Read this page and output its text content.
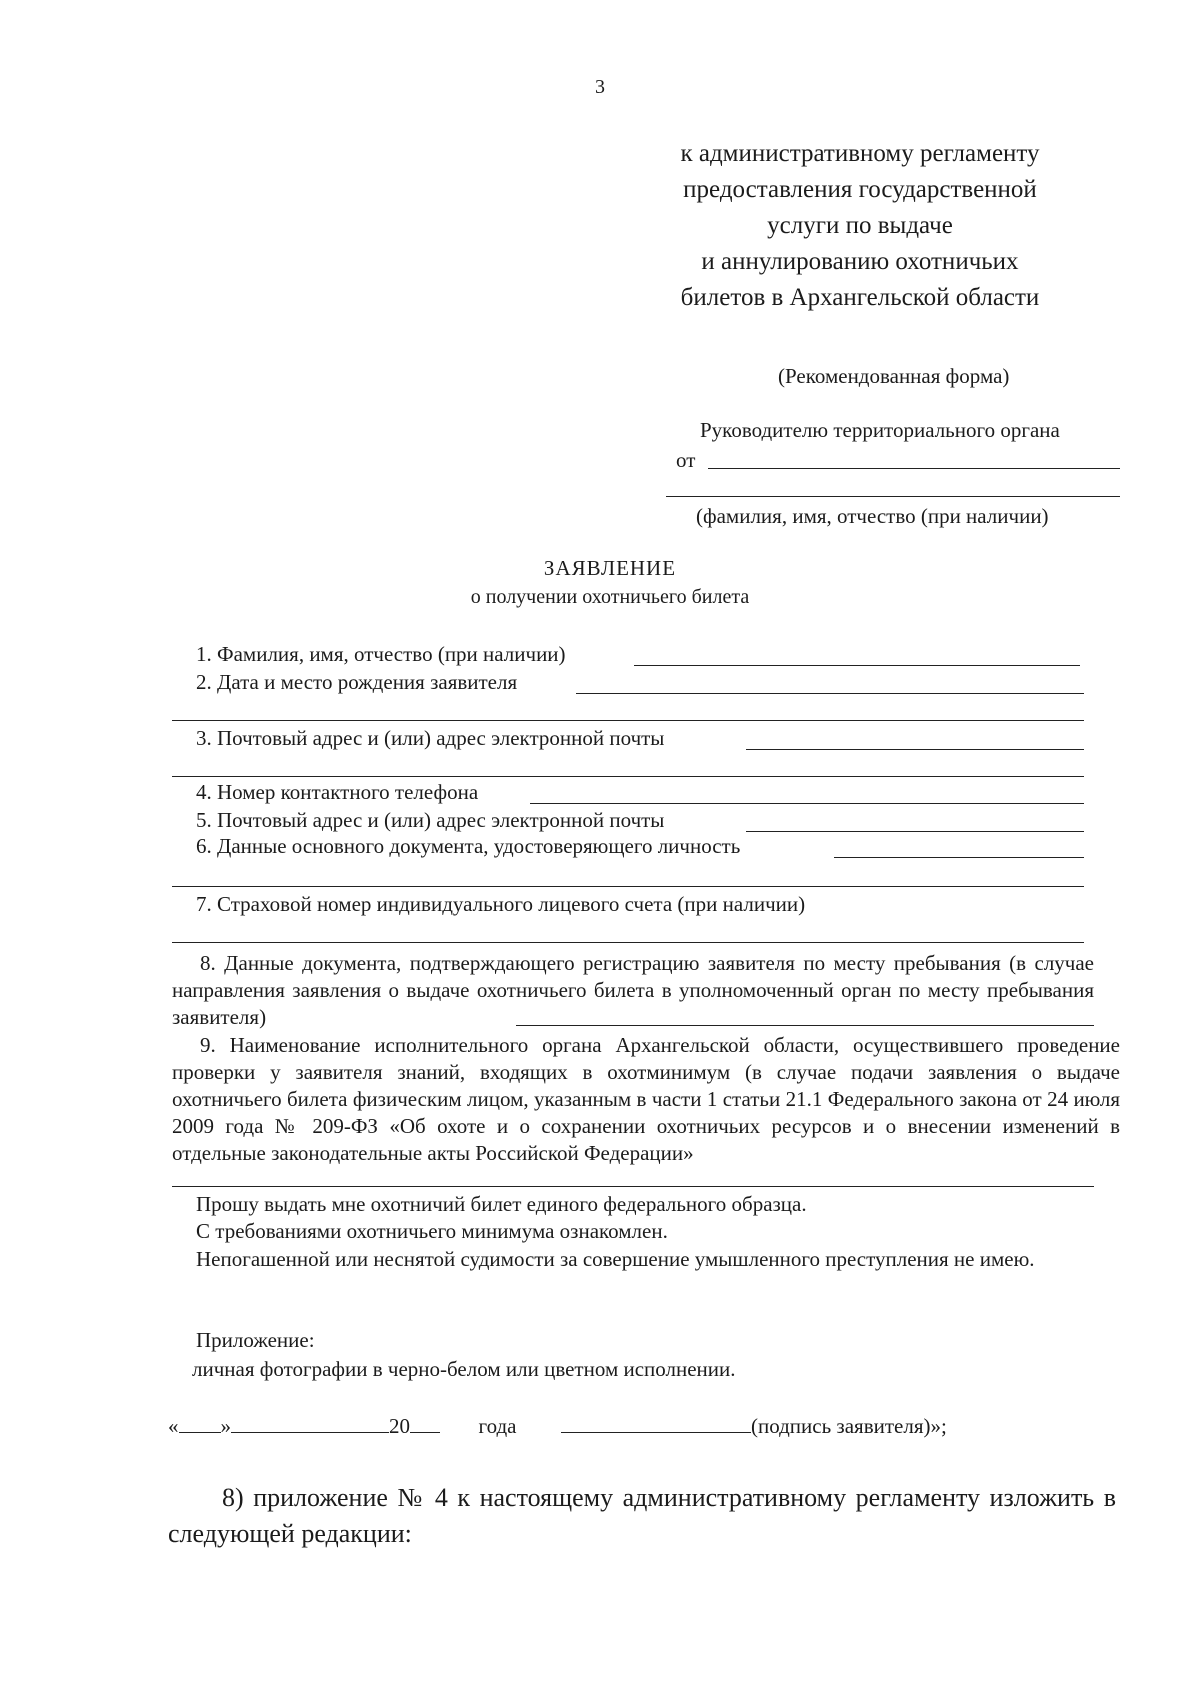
3
к административному регламенту
предоставления государственной
услуги по выдаче
и аннулированию охотничьих
билетов в Архангельской области
(Рекомендованная форма)
Руководителю территориального органа
от
(фамилия, имя, отчество (при наличии)
ЗАЯВЛЕНИЕ
о получении охотничьего билета
1. Фамилия, имя, отчество (при наличии)
2. Дата и место рождения заявителя
3. Почтовый адрес и (или) адрес электронной почты
4. Номер контактного телефона
5. Почтовый адрес и (или) адрес электронной почты
6. Данные основного документа, удостоверяющего личность
7. Страховой номер индивидуального лицевого счета (при наличии)
8. Данные документа, подтверждающего регистрацию заявителя по месту пребывания (в случае направления заявления о выдаче охотничьего билета в уполномоченный орган по месту пребывания заявителя)
9. Наименование исполнительного органа Архангельской области, осуществившего проведение проверки у заявителя знаний, входящих в охотминимум (в случае подачи заявления о выдаче охотничьего билета физическим лицом, указанным в части 1 статьи 21.1 Федерального закона от 24 июля 2009 года № 209-ФЗ «Об охоте и о сохранении охотничьих ресурсов и о внесении изменений в отдельные законодательные акты Российской Федерации»
Прошу выдать мне охотничий билет единого федерального образца.
С требованиями охотничьего минимума ознакомлен.
Непогашенной или неснятой судимости за совершение умышленного преступления не имею.
Приложение:
личная фотографии в черно-белом или цветном исполнении.
« »	20	года	(подпись заявителя)»;
8) приложение № 4 к настоящему административному регламенту изложить в следующей редакции:
